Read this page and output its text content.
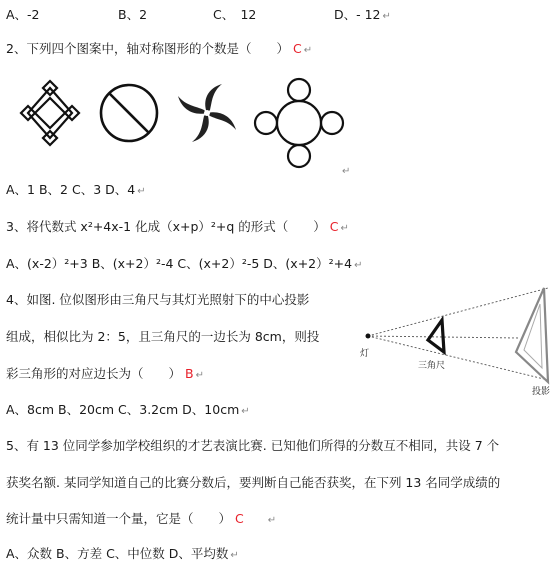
A、-2	B、2	C、　12	D、- 12 ↵
2、下列四个图案中，轴对称图形的个数是（　　） C ↵
↵
A、1 B、2 C、3 D、4 ↵
3、将代数式 x²+4x-1 化成（x+p）²+q 的形式（　　） C ↵
A、(x-2）²+3 B、(x+2）²-4 C、(x+2）²-5 D、(x+2）²+4 ↵
4、如图. 位似图形由三角尺与其灯光照射下的中心投影
组成，相似比为 2：5，且三角尺的一边长为 8cm，则投
彩三角形的对应边长为（　　） B ↵
A、8cm B、20cm C、3.2cm D、10cm ↵
灯
三角尺
投影
5、有 13 位同学参加学校组织的才艺表演比赛. 已知他们所得的分数互不相同，共设 7 个
获奖名额. 某同学知道自己的比赛分数后，要判断自己能否获奖，在下列 13 名同学成绩的
统计量中只需知道一个量，它是（　　） C ↵
A、众数 B、方差 C、中位数 D、平均数 ↵
